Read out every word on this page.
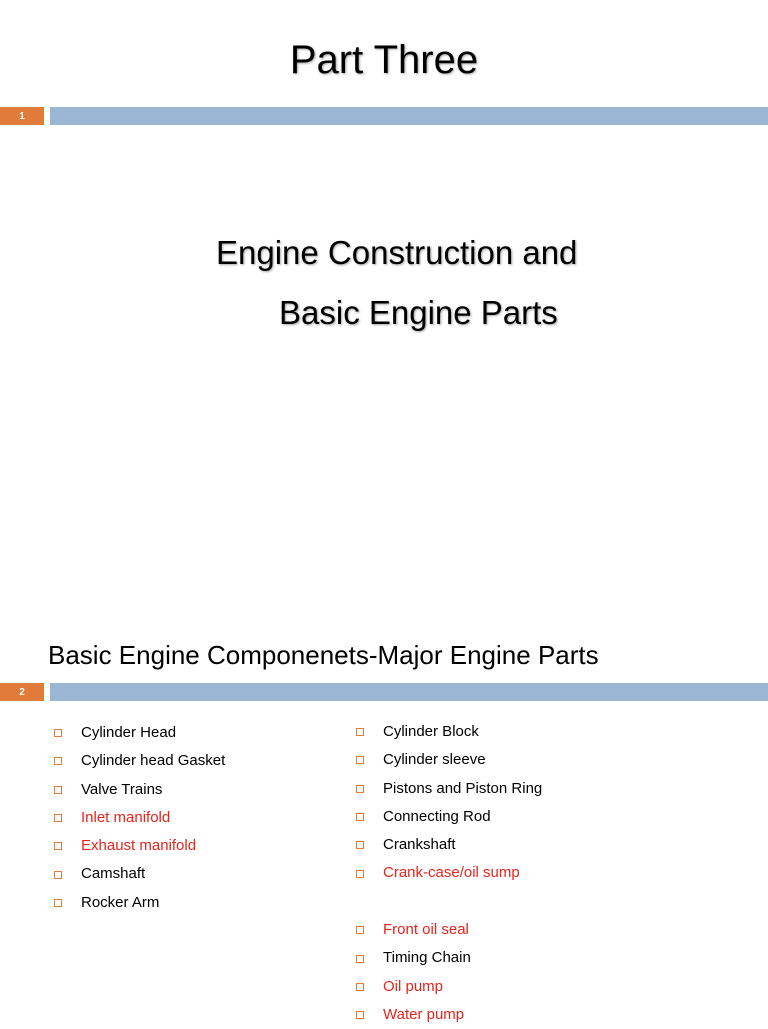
Part Three
1
Engine Construction and
Basic Engine Parts
Basic Engine Componenets-Major Engine Parts
2
Cylinder Head
Cylinder head Gasket
Valve Trains
Inlet manifold
Exhaust manifold
Camshaft
Rocker Arm
Cylinder Block
Cylinder sleeve
Pistons and Piston Ring
Connecting Rod
Crankshaft
Crank-case/oil sump
Front oil seal
Timing Chain
Oil pump
Water pump
